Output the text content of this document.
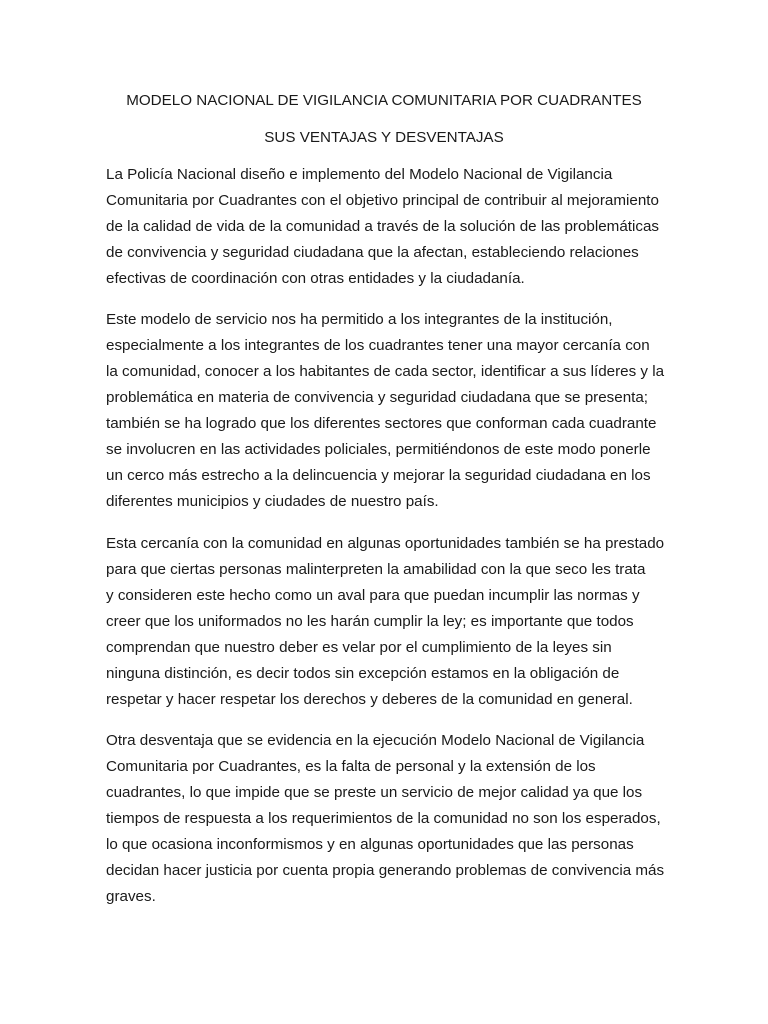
MODELO NACIONAL DE VIGILANCIA COMUNITARIA POR CUADRANTES
SUS VENTAJAS Y DESVENTAJAS

La Policía Nacional diseño e implemento del Modelo Nacional de Vigilancia
Comunitaria por Cuadrantes con el objetivo principal de contribuir al mejoramiento
de la calidad de vida de la comunidad a través de la solución de las problemáticas
de convivencia y seguridad ciudadana que la afectan, estableciendo relaciones
efectivas de coordinación con otras entidades y la ciudadanía.

Este modelo de servicio nos ha permitido a los integrantes de la institución,
especialmente a los integrantes de los cuadrantes tener una mayor cercanía con
la comunidad, conocer a los habitantes de cada sector, identificar a sus líderes y la
problemática en materia de convivencia y seguridad ciudadana que se presenta;
también se ha logrado que los diferentes sectores que conforman cada cuadrante
se involucren en las actividades policiales, permitiéndonos de este modo ponerle
un cerco más estrecho a la delincuencia y mejorar la seguridad ciudadana en los
diferentes municipios y ciudades de nuestro país.

Esta cercanía con la comunidad en algunas oportunidades también se ha prestado
para que ciertas personas malinterpreten la amabilidad con la que seco les trata
y consideren este hecho como un aval para que puedan incumplir las normas y
creer que los uniformados no les harán cumplir la ley; es importante que todos
comprendan que nuestro deber es velar por el cumplimiento de la leyes sin
ninguna distinción, es decir todos sin excepción estamos en la obligación de
respetar y hacer respetar los derechos y deberes de la comunidad en general.

Otra desventaja que se evidencia en la ejecución Modelo Nacional de Vigilancia
Comunitaria por Cuadrantes, es la falta de personal y la extensión de los
cuadrantes, lo que impide que se preste un servicio de mejor calidad ya que los
tiempos de respuesta a los requerimientos de la comunidad no son los esperados,
lo que ocasiona inconformismos y en algunas oportunidades que las personas
decidan hacer justicia por cuenta propia generando problemas de convivencia más
graves.
